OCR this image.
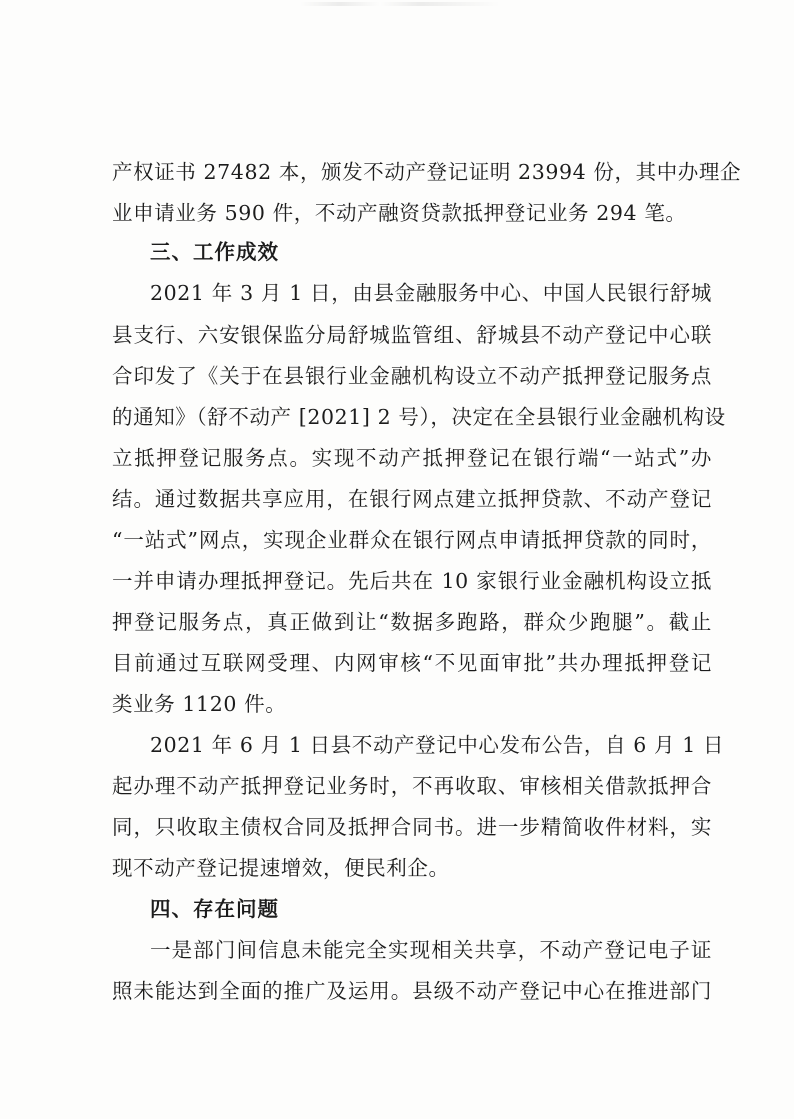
产权证书 27482 本，颁发不动产登记证明 23994 份，其中办理企
业申请业务 590 件，不动产融资贷款抵押登记业务 294 笔。
三、工作成效
2021 年 3 月 1 日，由县金融服务中心、中国人民银行舒城
县支行、六安银保监分局舒城监管组、舒城县不动产登记中心联
合印发了《关于在县银行业金融机构设立不动产抵押登记服务点
的通知》（舒不动产 [2021] 2 号），决定在全县银行业金融机构设
立抵押登记服务点。实现不动产抵押登记在银行端“一站式”办
结。通过数据共享应用，在银行网点建立抵押贷款、不动产登记
“一站式”网点，实现企业群众在银行网点申请抵押贷款的同时，
一并申请办理抵押登记。先后共在 10 家银行业金融机构设立抵
押登记服务点，真正做到让“数据多跑路，群众少跑腿”。截止
目前通过互联网受理、内网审核“不见面审批”共办理抵押登记
类业务 1120 件。
2021 年 6 月 1 日县不动产登记中心发布公告，自 6 月 1 日
起办理不动产抵押登记业务时，不再收取、审核相关借款抵押合
同，只收取主债权合同及抵押合同书。进一步精简收件材料，实
现不动产登记提速增效，便民利企。
四、存在问题
一是部门间信息未能完全实现相关共享，不动产登记电子证
照未能达到全面的推广及运用。县级不动产登记中心在推进部门
